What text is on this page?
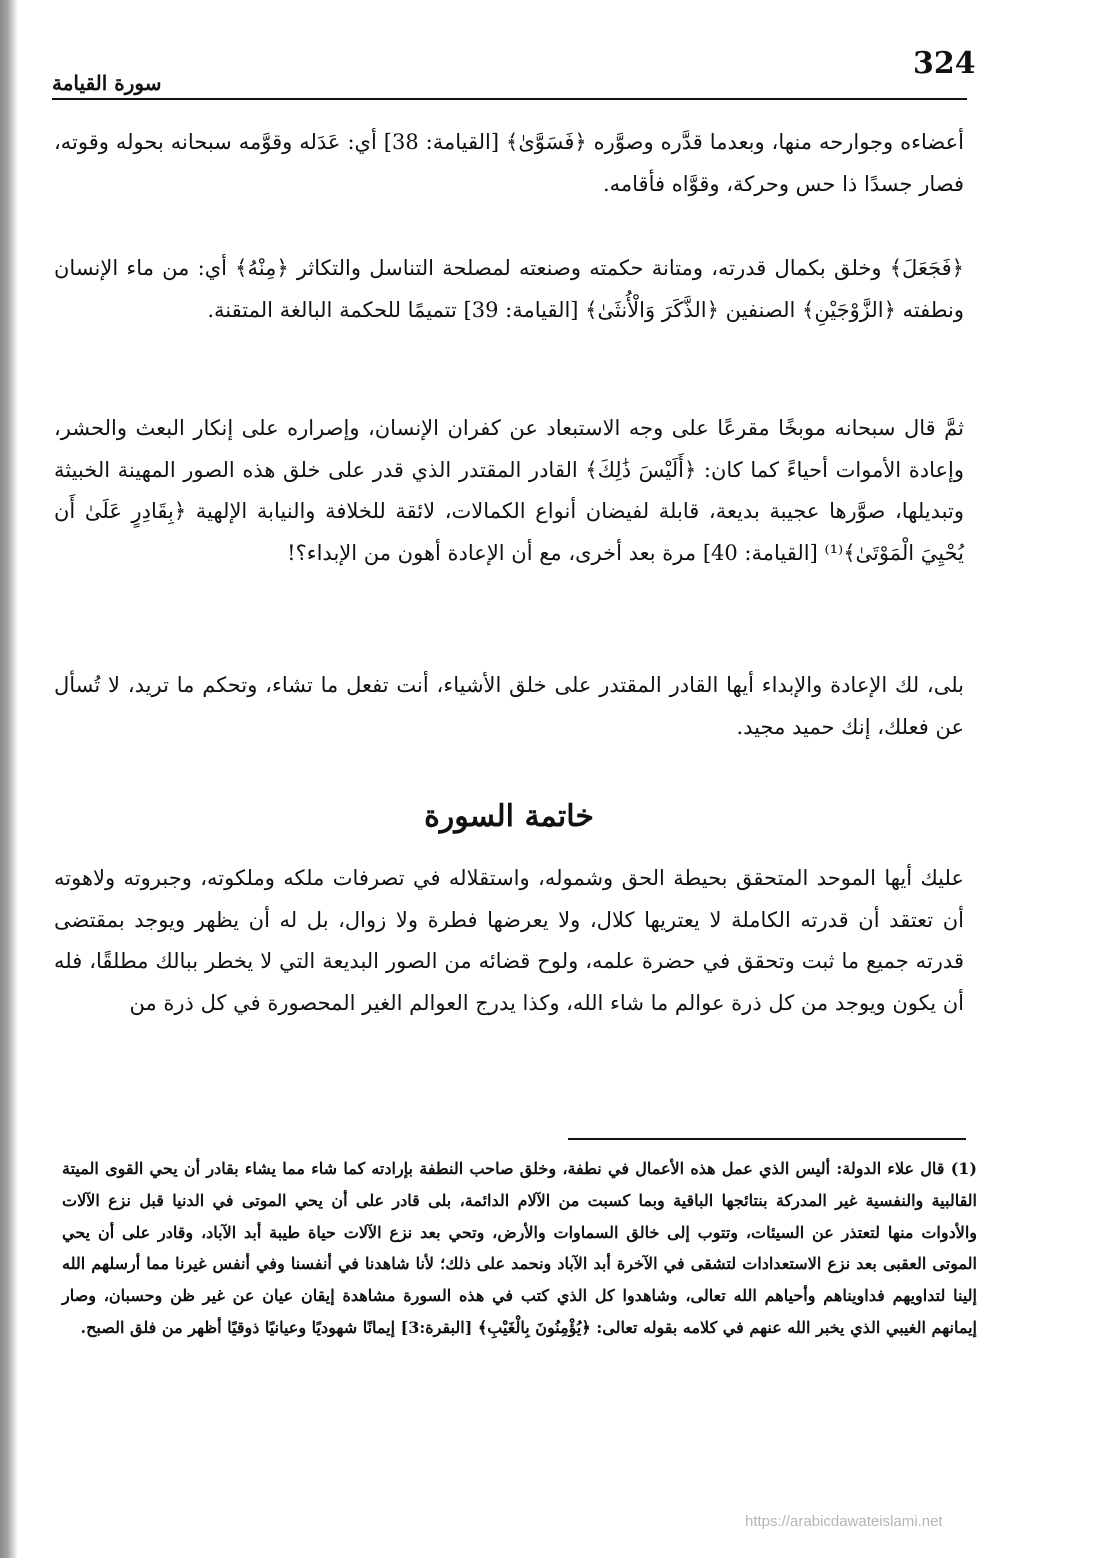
324
سورة القيامة

أعضاءه وجوارحه منها، وبعدما قدَّره وصوَّره ﴿فَسَوَّىٰ﴾ [القيامة: 38] أي: عَدَله وقوَّمه سبحانه بحوله وقوته، فصار جسدًا ذا حس وحركة، وقوَّاه فأقامه.

﴿فَجَعَلَ﴾ وخلق بكمال قدرته، ومتانة حكمته وصنعته لمصلحة التناسل والتكاثر ﴿مِنْهُ﴾ أي: من ماء الإنسان ونطفته ﴿الزَّوْجَيْنِ﴾ الصنفين ﴿الذَّكَرَ وَالْأُنثَىٰ﴾ [القيامة: 39] تتميمًا للحكمة البالغة المتقنة.

ثمَّ قال سبحانه موبخًا مقرعًا على وجه الاستبعاد عن كفران الإنسان، وإصراره على إنكار البعث والحشر، وإعادة الأموات أحياءً كما كان: ﴿أَلَيْسَ ذَٰلِكَ﴾ القادر المقتدر الذي قدر على خلق هذه الصور المهينة الخبيثة وتبديلها، صوَّرها عجيبة بديعة، قابلة لفيضان أنواع الكمالات، لائقة للخلافة والنيابة الإلهية ﴿بِقَادِرٍ عَلَىٰ أَن يُحْيِيَ الْمَوْتَىٰ﴾⁽¹⁾ [القيامة: 40] مرة بعد أخرى، مع أن الإعادة أهون من الإبداء؟!

بلى، لك الإعادة والإبداء أيها القادر المقتدر على خلق الأشياء، أنت تفعل ما تشاء، وتحكم ما تريد، لا تُسأل عن فعلك، إنك حميد مجيد.

خاتمة السورة

عليك أيها الموحد المتحقق بحيطة الحق وشموله، واستقلاله في تصرفات ملكه وملكوته، وجبروته ولاهوته أن تعتقد أن قدرته الكاملة لا يعتريها كلال، ولا يعرضها فطرة ولا زوال، بل له أن يظهر ويوجد بمقتضى قدرته جميع ما ثبت وتحقق في حضرة علمه، ولوح قضائه من الصور البديعة التي لا يخطر ببالك مطلقًا، فله أن يكون ويوجد من كل ذرة عوالم ما شاء الله، وكذا يدرج العوالم الغير المحصورة في كل ذرة من

(1) قال علاء الدولة: أليس الذي عمل هذه الأعمال في نطفة، وخلق صاحب النطفة بإرادته كما شاء مما يشاء بقادر أن يحي القوى الميتة القالبية والنفسية غير المدركة بنتائجها الباقية وبما كسبت من الآلام الدائمة، بلى قادر على أن يحي الموتى في الدنيا قبل نزع الآلات والأدوات منها لتعتذر عن السيئات، وتتوب إلى خالق السماوات والأرض، وتحي بعد نزع الآلات حياة طيبة أبد الآباد، وقادر على أن يحي الموتى العقبى بعد نزع الاستعدادات لتشقى في الآخرة أبد الآباد ونحمد على ذلك؛ لأنا شاهدنا في أنفسنا وفي أنفس غيرنا مما أرسلهم الله إلينا لتداويهم فداويناهم وأحياهم الله تعالى، وشاهدوا كل الذي كتب في هذه السورة مشاهدة إيقان عيان عن غير ظن وحسبان، وصار إيمانهم الغيبي الذي يخبر الله عنهم في كلامه بقوله تعالى: ﴿يُؤْمِنُونَ بِالْغَيْبِ﴾ [البقرة:3] إيمانًا شهوديًا وعيانيًا ذوقيًا أظهر من فلق الصبح.

https://arabicdawateislami.net
